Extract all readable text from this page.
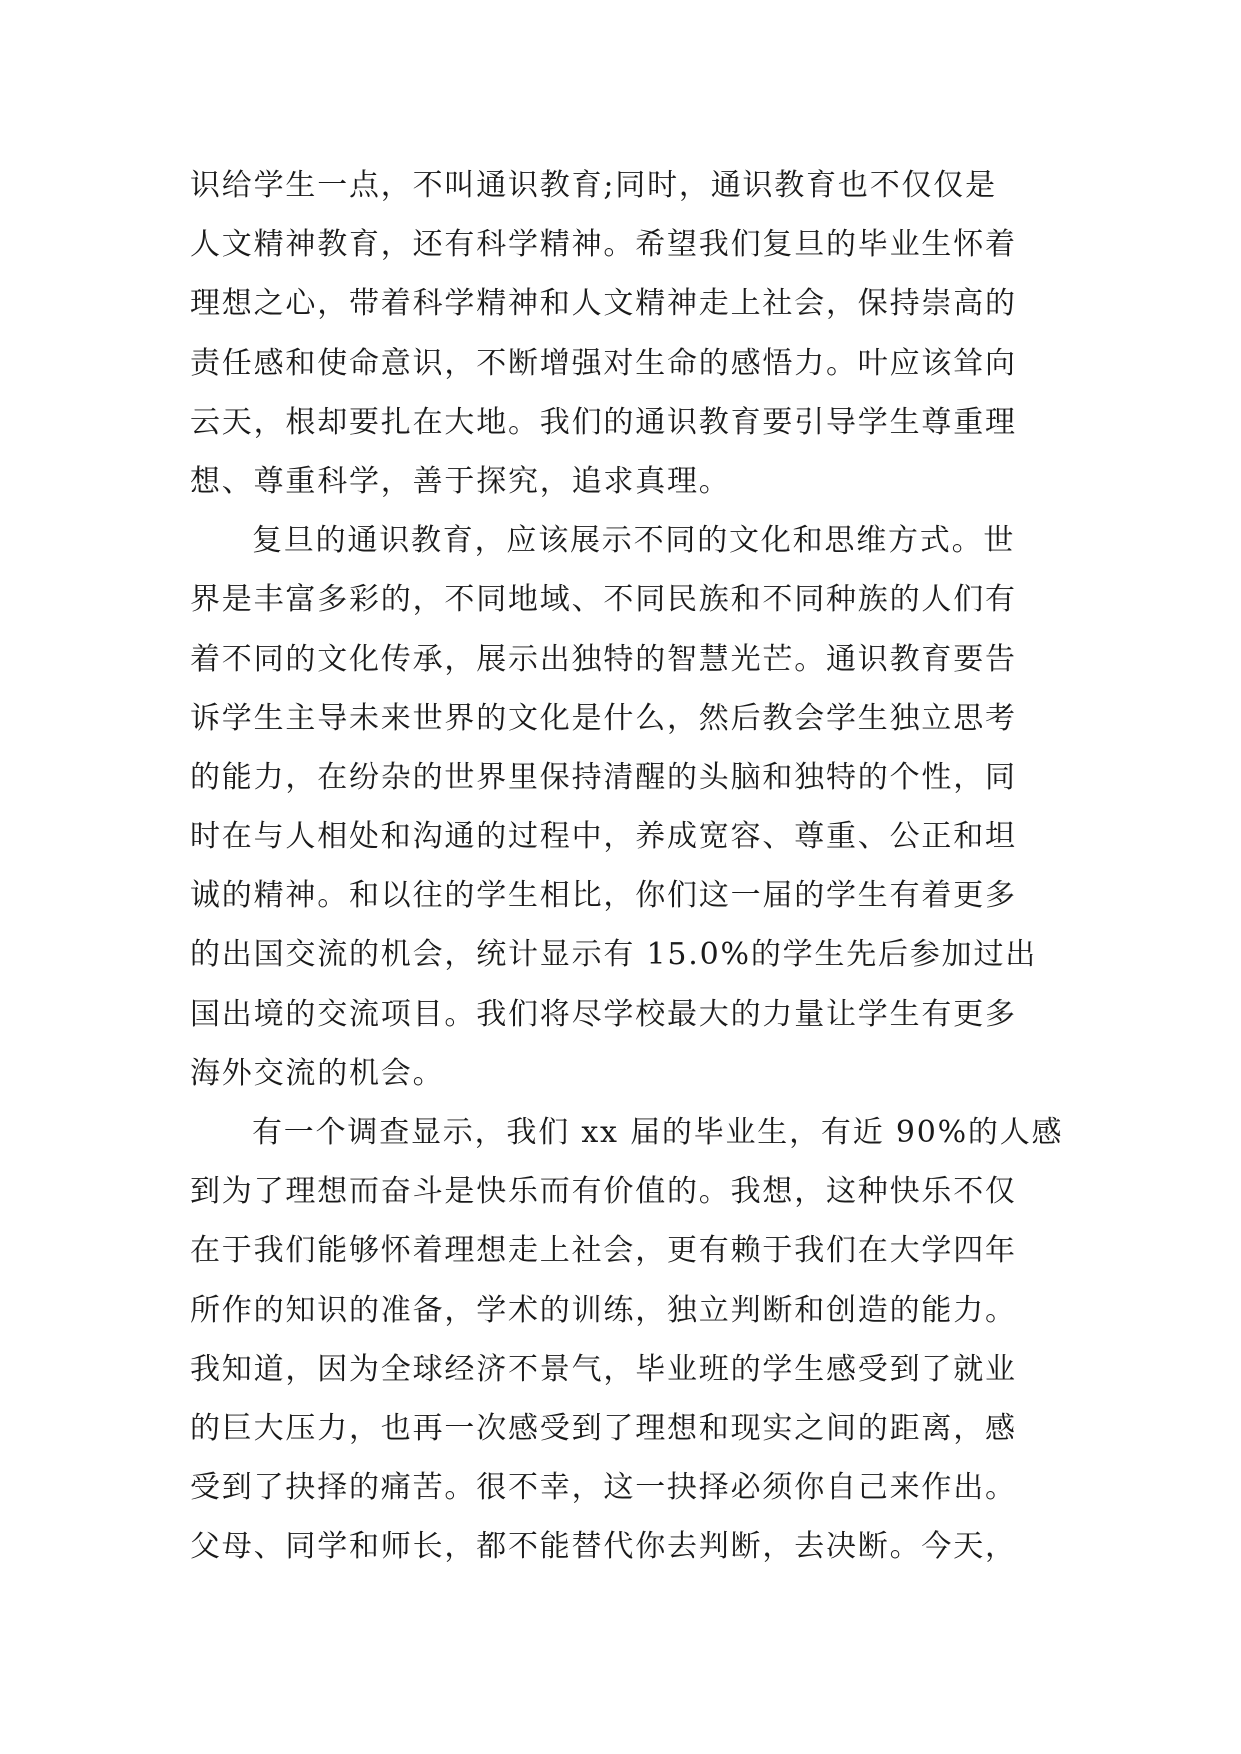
识给学生一点，不叫通识教育;同时，通识教育也不仅仅是
人文精神教育，还有科学精神。希望我们复旦的毕业生怀着
理想之心，带着科学精神和人文精神走上社会，保持崇高的
责任感和使命意识，不断增强对生命的感悟力。叶应该耸向
云天，根却要扎在大地。我们的通识教育要引导学生尊重理
想、尊重科学，善于探究，追求真理。
复旦的通识教育，应该展示不同的文化和思维方式。世
界是丰富多彩的，不同地域、不同民族和不同种族的人们有
着不同的文化传承，展示出独特的智慧光芒。通识教育要告
诉学生主导未来世界的文化是什么，然后教会学生独立思考
的能力，在纷杂的世界里保持清醒的头脑和独特的个性，同
时在与人相处和沟通的过程中，养成宽容、尊重、公正和坦
诚的精神。和以往的学生相比，你们这一届的学生有着更多
的出国交流的机会，统计显示有 15.0%的学生先后参加过出
国出境的交流项目。我们将尽学校最大的力量让学生有更多
海外交流的机会。
有一个调查显示，我们 xx 届的毕业生，有近 90%的人感
到为了理想而奋斗是快乐而有价值的。我想，这种快乐不仅
在于我们能够怀着理想走上社会，更有赖于我们在大学四年
所作的知识的准备，学术的训练，独立判断和创造的能力。
我知道，因为全球经济不景气，毕业班的学生感受到了就业
的巨大压力，也再一次感受到了理想和现实之间的距离，感
受到了抉择的痛苦。很不幸，这一抉择必须你自己来作出。
父母、同学和师长，都不能替代你去判断，去决断。今天，
